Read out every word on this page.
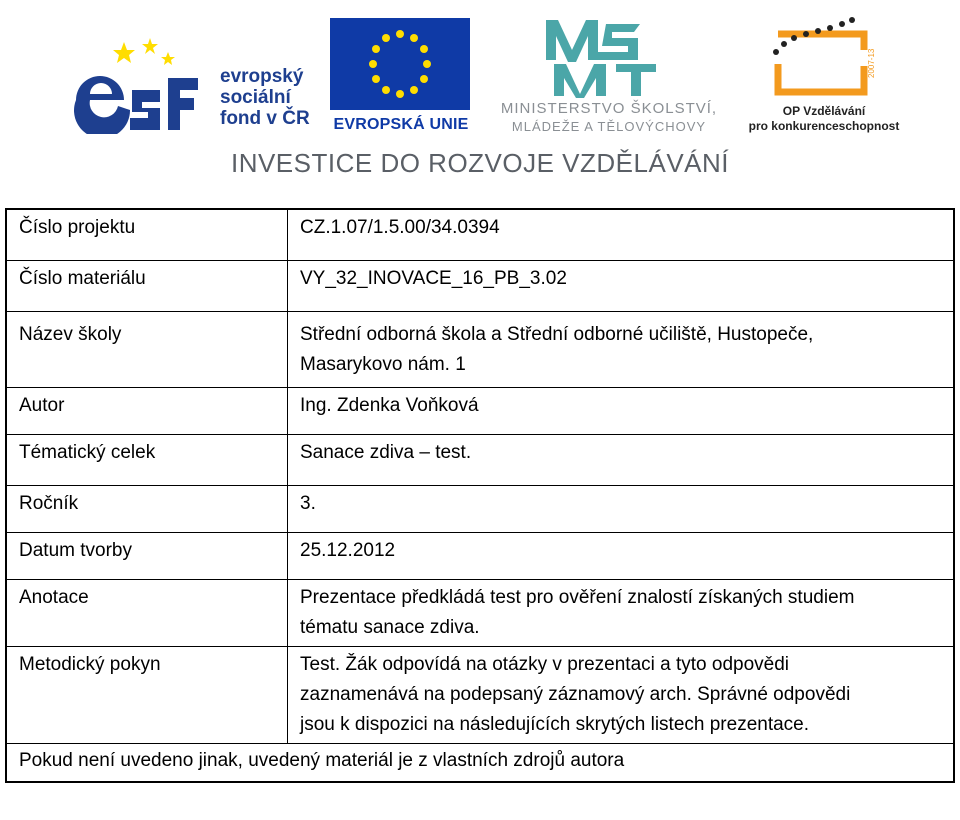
evropský
sociální
fond v ČR EVROPSKÁ UNIE
MINISTERSTVO ŠKOLSTVÍ,
MLÁDEŽE A TĚLOVÝCHOVY
2007-13
OP Vzdělávání
pro konkurenceschopnost
INVESTICE DO ROZVOJE VZDĚLÁVÁNÍ
Číslo projektu	CZ.1.07/1.5.00/34.0394
Číslo materiálu	VY_32_INOVACE_16_PB_3.02
Název školy	Střední odborná škola a Střední odborné učiliště, Hustopeče,
Masarykovo nám. 1

Autor	Ing. Zdenka Voňková
Tématický celek	Sanace zdiva – test.
Ročník	3.
Datum tvorby	25.12.2012
Anotace	Prezentace předkládá test pro ověření znalostí získaných studiem
tématu sanace zdiva.

Metodický pokyn	Test. Žák odpovídá na otázky v prezentaci a tyto odpovědi
zaznamenává na podepsaný záznamový arch. Správné odpovědi
jsou k dispozici na následujících skrytých listech prezentace.

Pokud není uvedeno jinak, uvedený materiál je z vlastních zdrojů autora	
